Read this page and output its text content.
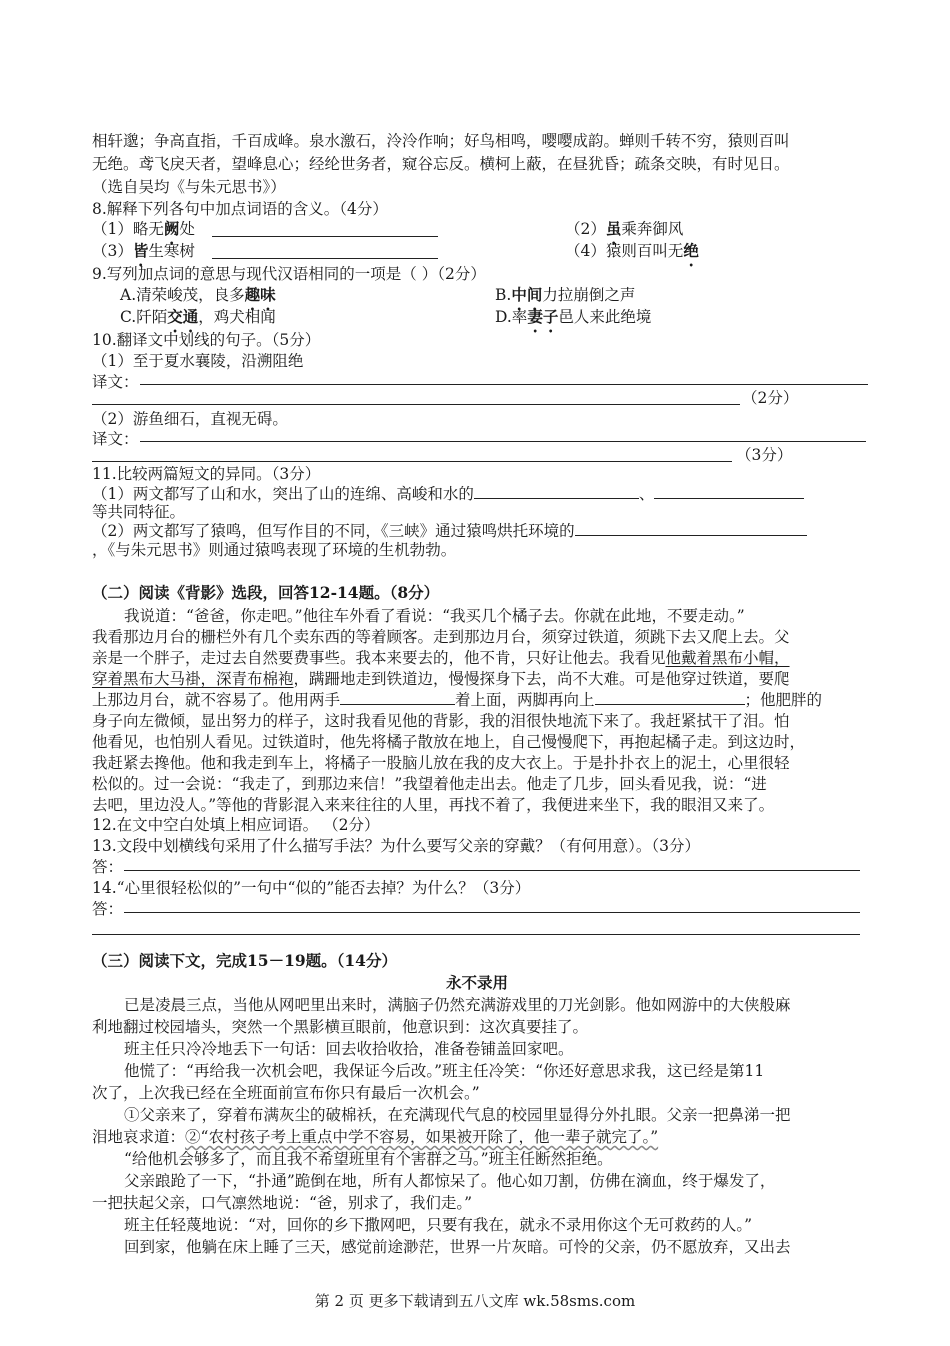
相轩邈；争高直指，千百成峰。泉水激石，泠泠作响；好鸟相鸣，嘤嘤成韵。蝉则千转不穷，猿则百叫
无绝。鸢飞戾天者，望峰息心；经纶世务者，窥谷忘反。横柯上蔽，在昼犹昏；疏条交映，有时见日。
（选自吴均《与朱元思书》）
8.解释下列各句中加点词语的含义。（4分）
（1）略无阙处	（2）虽乘奔御风
（3）皆生寒树	（4）猿则百叫无绝
9.写列加点词的意思与现代汉语相同的一项是（ ）（2分）
A.清荣峻茂，良多趣味	B.中间力拉崩倒之声
C.阡陌交通，鸡犬相闻	D.率妻子邑人来此绝境
10.翻译文中划线的句子。（5分）
（1）至于夏水襄陵，沿溯阻绝
译文：
（2分）
（2）游鱼细石，直视无碍。
译文：
（3分）
11.比较两篇短文的异同。（3分）
（1）两文都写了山和水，突出了山的连绵、高峻和水的	、
等共同特征。
（2）两文都写了猿鸣，但写作目的不同，《三峡》通过猿鸣烘托环境的
，《与朱元思书》则通过猿鸣表现了环境的生机勃勃。
（二）阅读《背影》选段，回答12-14题。（8分）
我说道：“爸爸，你走吧。”他往车外看了看说：“我买几个橘子去。你就在此地，不要走动。”
我看那边月台的栅栏外有几个卖东西的等着顾客。走到那边月台，须穿过铁道，须跳下去又爬上去。父
亲是一个胖子，走过去自然要费事些。我本来要去的，他不肯，只好让他去。我看见他戴着黑布小帽，
穿着黑布大马褂，深青布棉袍，蹒跚地走到铁道边，慢慢探身下去，尚不大难。可是他穿过铁道，要爬
上那边月台，就不容易了。他用两手	着上面，两脚再向上	；他肥胖的
身子向左微倾，显出努力的样子，这时我看见他的背影，我的泪很快地流下来了。我赶紧拭干了泪。怕
他看见，也怕别人看见。过铁道时，他先将橘子散放在地上，自己慢慢爬下，再抱起橘子走。到这边时，
我赶紧去搀他。他和我走到车上，将橘子一股脑儿放在我的皮大衣上。于是扑扑衣上的泥土，心里很轻
松似的。过一会说：“我走了，到那边来信！”我望着他走出去。他走了几步，回头看见我，说：“进
去吧，里边没人。”等他的背影混入来来往往的人里，再找不着了，我便进来坐下，我的眼泪又来了。
12.在文中空白处填上相应词语。 （2分）
13.文段中划横线句采用了什么描写手法？为什么要写父亲的穿戴？（有何用意）。（3分）
答：
14.“心里很轻松似的”一句中“似的”能否去掉？为什么？（3分）
答：
（三）阅读下文，完成15－19题。（14分）
永不录用
已是凌晨三点，当他从网吧里出来时，满脑子仍然充满游戏里的刀光剑影。他如网游中的大侠般麻
利地翻过校园墙头，突然一个黑影横亘眼前，他意识到：这次真要挂了。
班主任只冷冷地丢下一句话：回去收拾收拾，准备卷铺盖回家吧。
他慌了：“再给我一次机会吧，我保证今后改。”班主任冷笑：“你还好意思求我，这已经是第11
次了，上次我已经在全班面前宣布你只有最后一次机会。”
①父亲来了，穿着布满灰尘的破棉袄，在充满现代气息的校园里显得分外扎眼。父亲一把鼻涕一把
泪地哀求道：②“农村孩子考上重点中学不容易，如果被开除了，他一辈子就完了。”
“给他机会够多了，而且我不希望班里有个害群之马。”班主任断然拒绝。
父亲踉跄了一下，“扑通”跪倒在地，所有人都惊呆了。他心如刀割，仿佛在滴血，终于爆发了，
一把扶起父亲，口气凛然地说：“爸，别求了，我们走。”
班主任轻蔑地说：“对，回你的乡下撒网吧，只要有我在，就永不录用你这个无可救药的人。”
回到家，他躺在床上睡了三天，感觉前途渺茫，世界一片灰暗。可怜的父亲，仍不愿放弃，又出去
第 2 页 更多下载请到五八文库 wk.58sms.com
